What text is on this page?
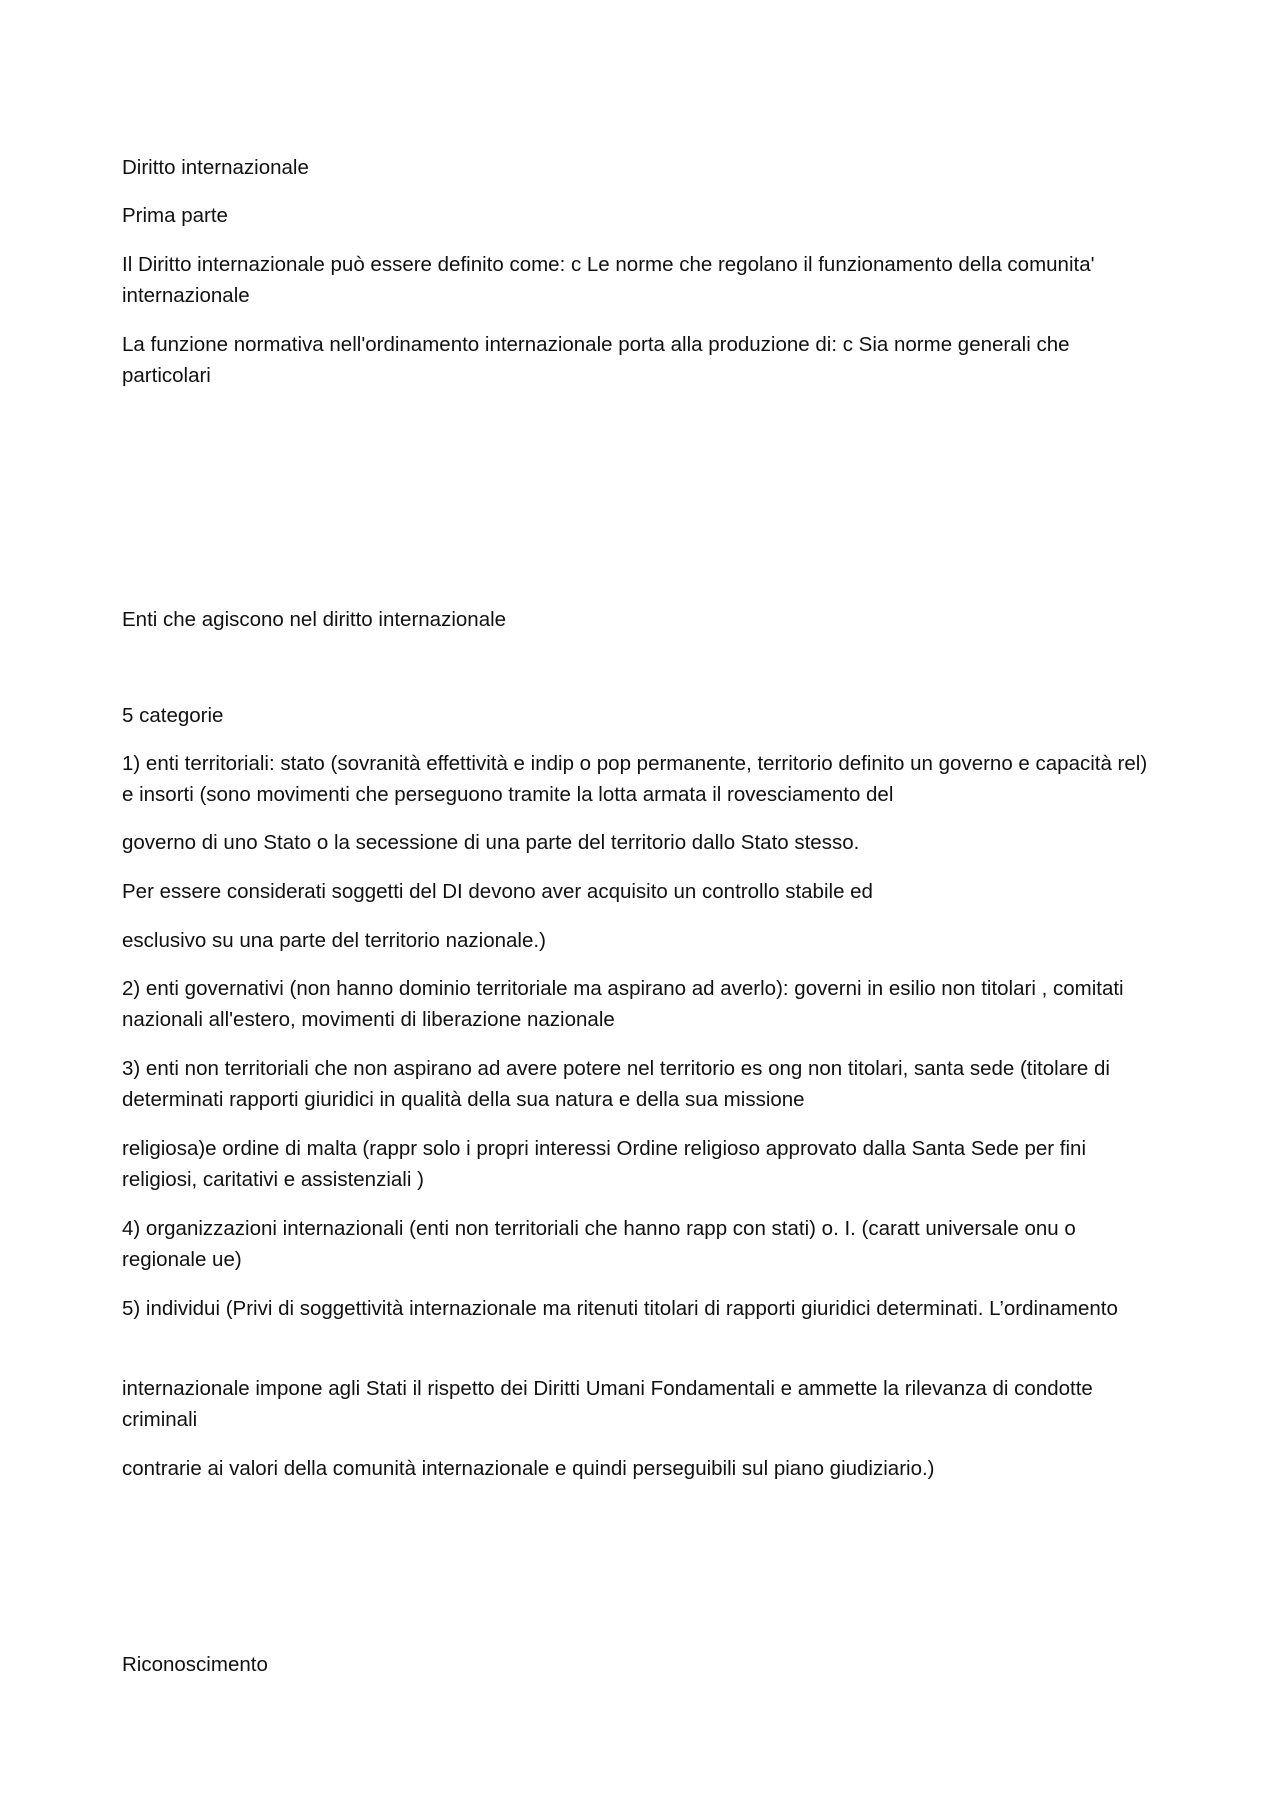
Diritto internazionale

Prima parte

Il Diritto internazionale può essere definito come: c Le norme che regolano il funzionamento della comunita' internazionale

La funzione normativa nell'ordinamento internazionale porta alla produzione di: c Sia norme generali che particolari

Enti che agiscono nel diritto internazionale

5 categorie

1) enti territoriali: stato (sovranità effettività e indip o pop permanente, territorio definito un governo e capacità rel) e insorti (sono movimenti che perseguono tramite la lotta armata il rovesciamento del

governo di uno Stato o la secessione di una parte del territorio dallo Stato stesso.

Per essere considerati soggetti del DI devono aver acquisito un controllo stabile ed

esclusivo su una parte del territorio nazionale.)

2) enti governativi (non hanno dominio territoriale ma aspirano ad averlo): governi in esilio non titolari , comitati nazionali all'estero, movimenti di liberazione nazionale

3) enti non territoriali che non aspirano ad avere potere nel territorio es ong non titolari, santa sede (titolare di determinati rapporti giuridici in qualità della sua natura e della sua missione

religiosa)e ordine di malta (rappr solo i propri interessi Ordine religioso approvato dalla Santa Sede per fini religiosi, caritativi e assistenziali )

4) organizzazioni internazionali (enti non territoriali che hanno rapp con stati) o. I. (caratt universale onu o regionale ue)

5) individui (Privi di soggettività internazionale ma ritenuti titolari di rapporti giuridici determinati. L’ordinamento

internazionale impone agli Stati il rispetto dei Diritti Umani Fondamentali e ammette la rilevanza di condotte criminali

contrarie ai valori della comunità internazionale e quindi perseguibili sul piano giudiziario.)

Riconoscimento
